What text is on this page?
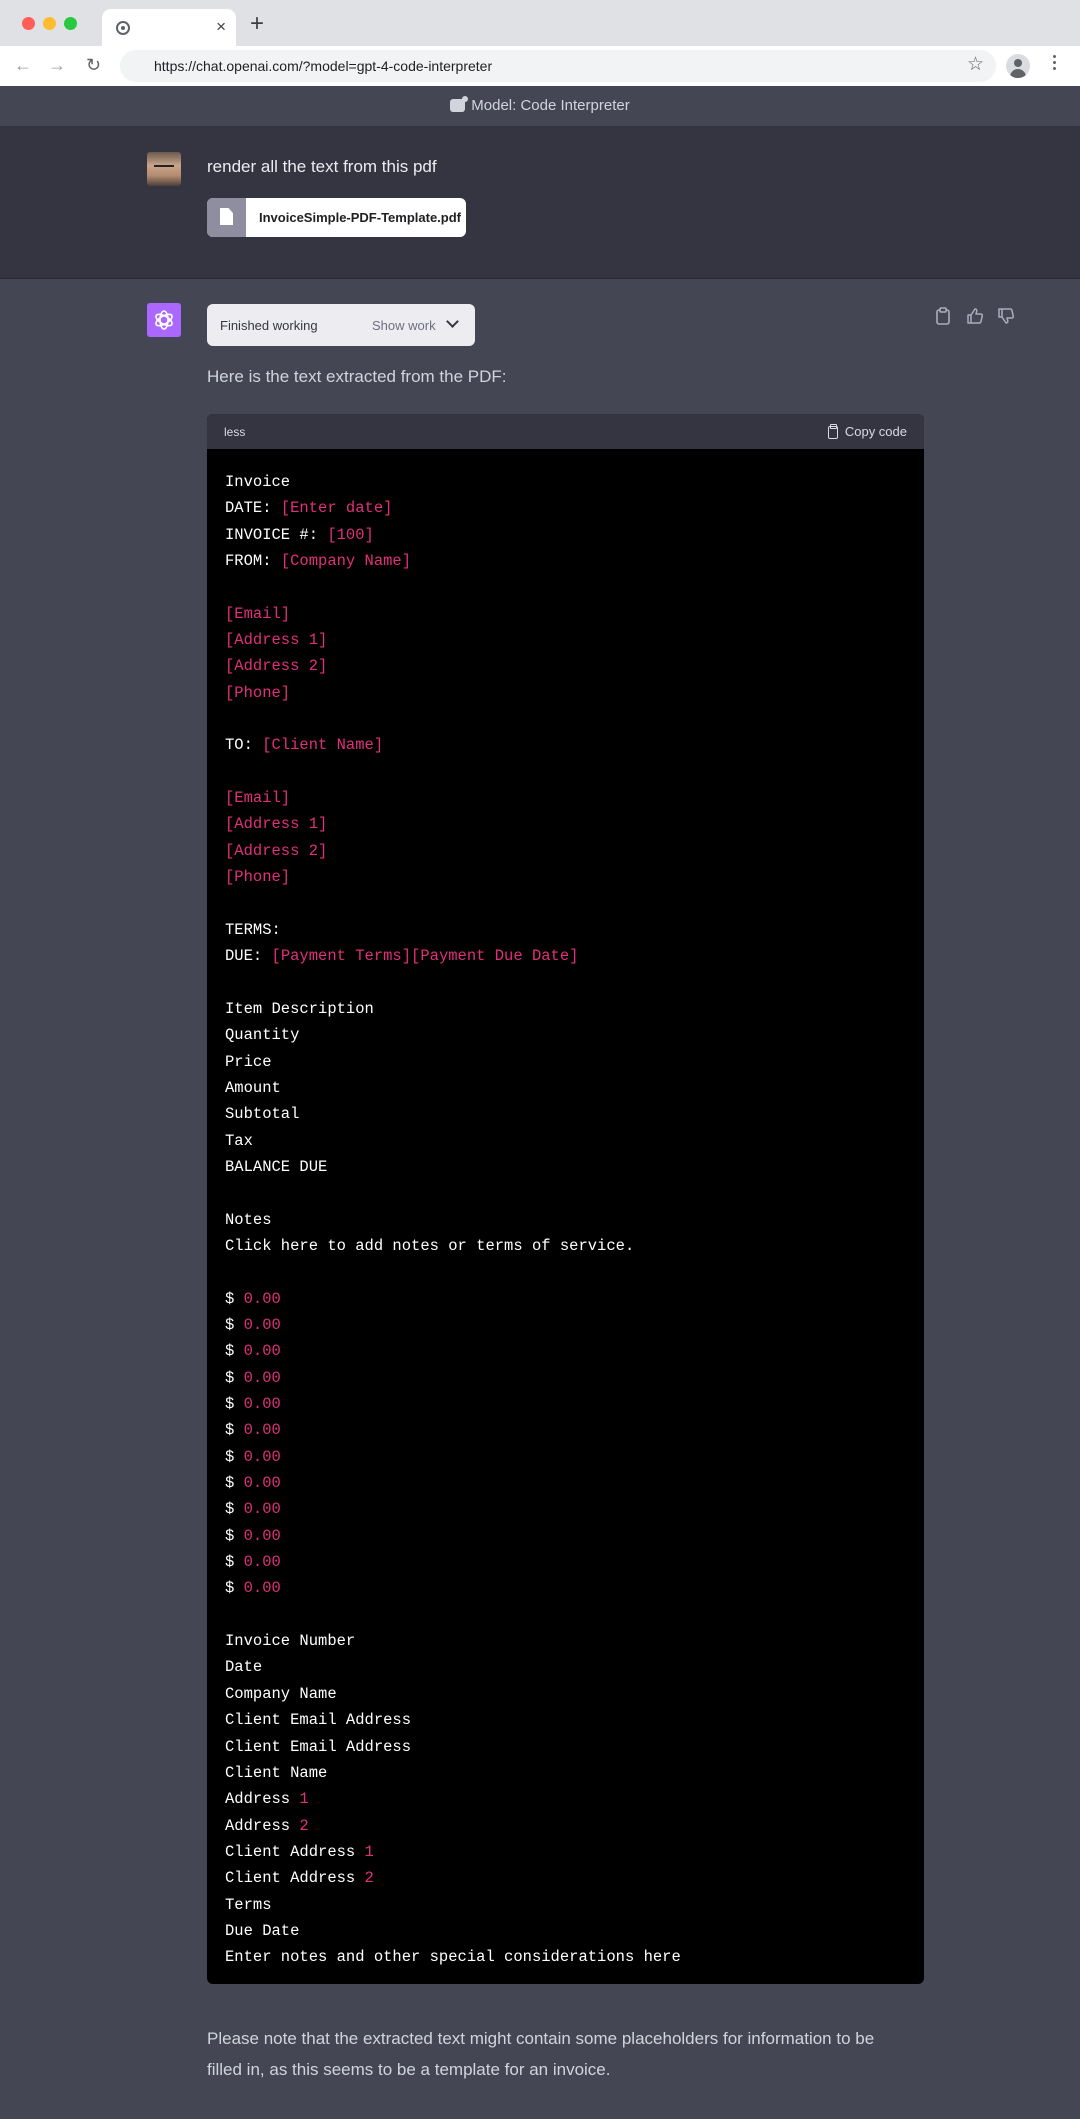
× +
← → ↻	https://chat.openai.com/?model=gpt-4-code-interpreter	☆
Model: Code Interpreter
render all the text from this pdf
InvoiceSimple-PDF-Template.pdf
Finished working	Show work
Here is the text extracted from the PDF:
less	Copy code
Invoice
DATE: [Enter date]
INVOICE #: [100]
FROM: [Company Name]
[Email]
[Address 1]
[Address 2]
[Phone]
TO: [Client Name]
[Email]
[Address 1]
[Address 2]
[Phone]
TERMS:
DUE: [Payment Terms][Payment Due Date]
Item Description
Quantity
Price
Amount
Subtotal
Tax
BALANCE DUE
Notes
Click here to add notes or terms of service.
$ 0.00
$ 0.00
$ 0.00
$ 0.00
$ 0.00
$ 0.00
$ 0.00
$ 0.00
$ 0.00
$ 0.00
$ 0.00
$ 0.00
Invoice Number
Date
Company Name
Client Email Address
Client Email Address
Client Name
Address 1
Address 2
Client Address 1
Client Address 2
Terms
Due Date
Enter notes and other special considerations here
Please note that the extracted text might contain some placeholders for information to be filled in, as this seems to be a template for an invoice.
